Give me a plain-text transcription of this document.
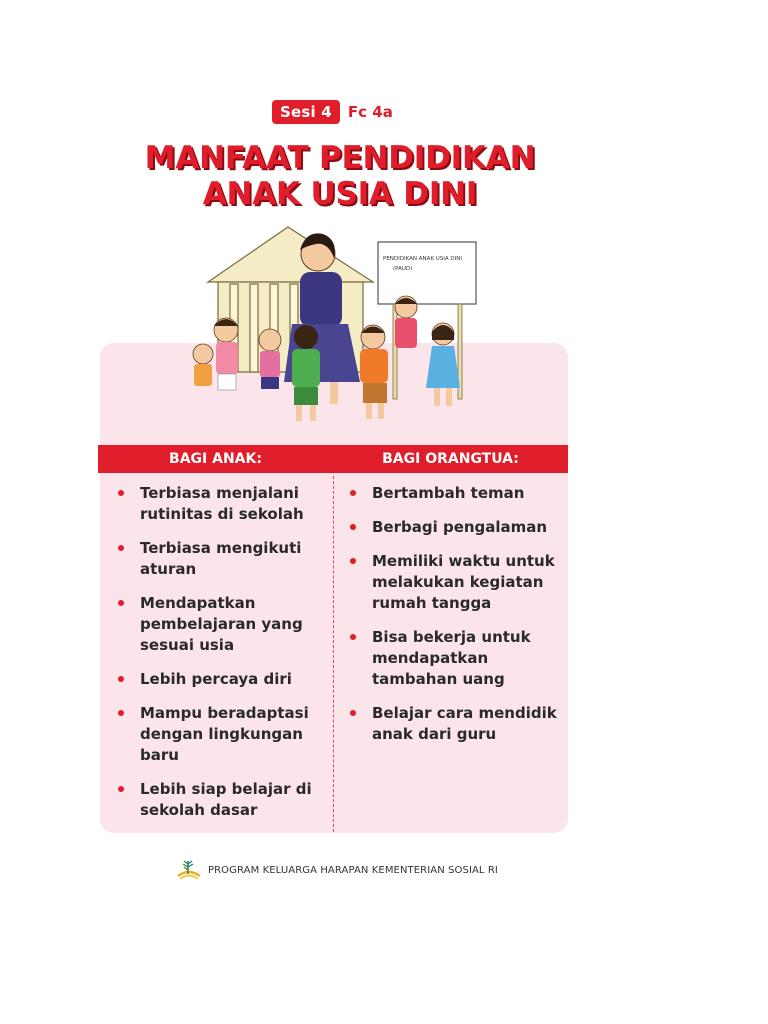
Sesi 4	Fc 4a
MANFAAT PENDIDIKAN
ANAK USIA DINI
PENDIDIKAN ANAK USIA DINI
(PAUD)
BAGI ANAK:	BAGI ORANGTUA:
Terbiasa menjalani
rutinitas di sekolah
Terbiasa mengikuti
aturan
Mendapatkan
pembelajaran yang
sesuai usia
Lebih percaya diri
Mampu beradaptasi
dengan lingkungan
baru
Lebih siap belajar di
sekolah dasar
Bertambah teman
Berbagi pengalaman
Memiliki waktu untuk
melakukan kegiatan
rumah tangga
Bisa bekerja untuk
mendapatkan
tambahan uang
Belajar cara mendidik
anak dari guru
PROGRAM KELUARGA HARAPAN KEMENTERIAN SOSIAL RI
